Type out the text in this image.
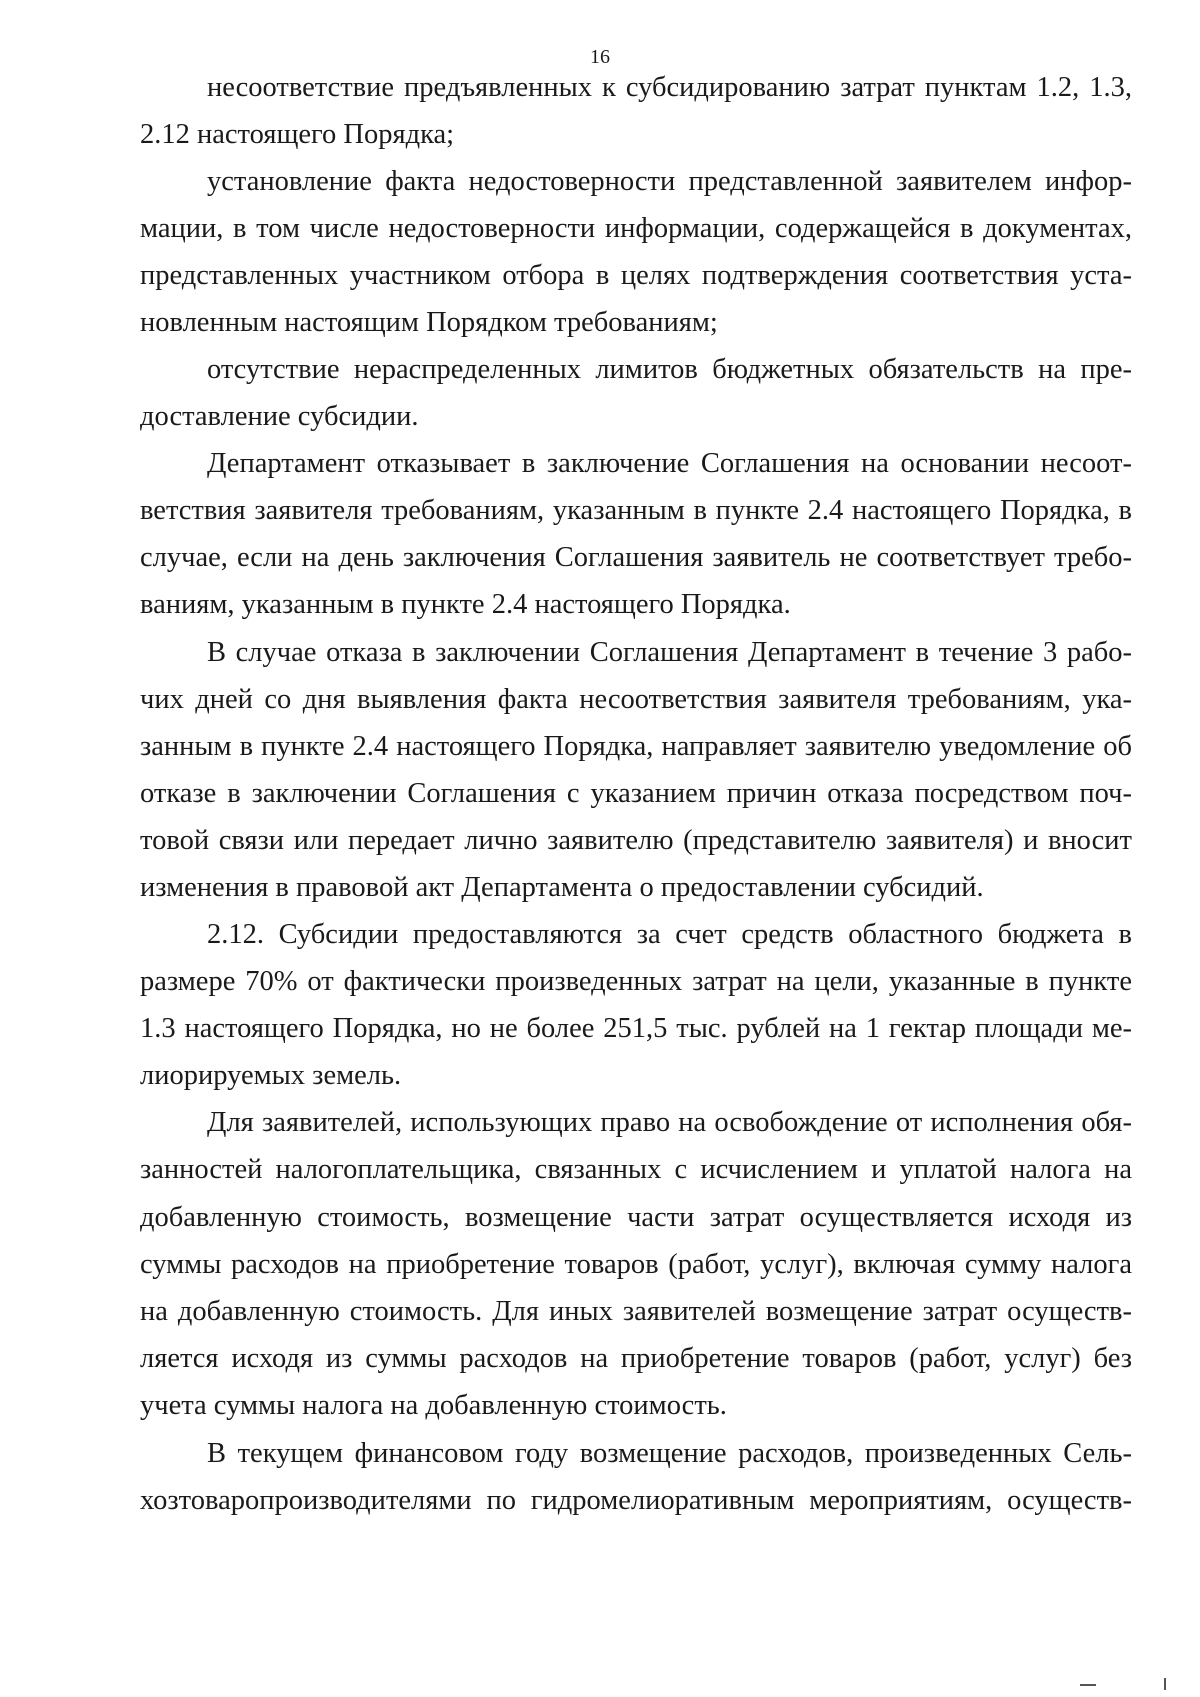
16
несоответствие предъявленных к субсидированию затрат пунктам 1.2, 1.3,
2.12 настоящего Порядка;
установление факта недостоверности представленной заявителем инфор-
мации, в том числе недостоверности информации, содержащейся в документах,
представленных участником отбора в целях подтверждения соответствия уста-
новленным настоящим Порядком требованиям;
отсутствие нераспределенных лимитов бюджетных обязательств на пре-
доставление субсидии.
Департамент отказывает в заключение Соглашения на основании несоот-
ветствия заявителя требованиям, указанным в пункте 2.4 настоящего Порядка, в
случае, если на день заключения Соглашения заявитель не соответствует требо-
ваниям, указанным в пункте 2.4 настоящего Порядка.
В случае отказа в заключении Соглашения Департамент в течение 3 рабо-
чих дней со дня выявления факта несоответствия заявителя требованиям, ука-
занным в пункте 2.4 настоящего Порядка, направляет заявителю уведомление об
отказе в заключении Соглашения с указанием причин отказа посредством поч-
товой связи или передает лично заявителю (представителю заявителя) и вносит
изменения в правовой акт Департамента о предоставлении субсидий.
2.12. Субсидии предоставляются за счет средств областного бюджета в
размере 70% от фактически произведенных затрат на цели, указанные в пункте
1.3 настоящего Порядка, но не более 251,5 тыс. рублей на 1 гектар площади ме-
лиорируемых земель.
Для заявителей, использующих право на освобождение от исполнения обя-
занностей налогоплательщика, связанных с исчислением и уплатой налога на
добавленную стоимость, возмещение части затрат осуществляется исходя из
суммы расходов на приобретение товаров (работ, услуг), включая сумму налога
на добавленную стоимость. Для иных заявителей возмещение затрат осуществ-
ляется исходя из суммы расходов на приобретение товаров (работ, услуг) без
учета суммы налога на добавленную стоимость.
В текущем финансовом году возмещение расходов, произведенных Сель-
хозтоваропроизводителями по гидромелиоративным мероприятиям, осуществ-
